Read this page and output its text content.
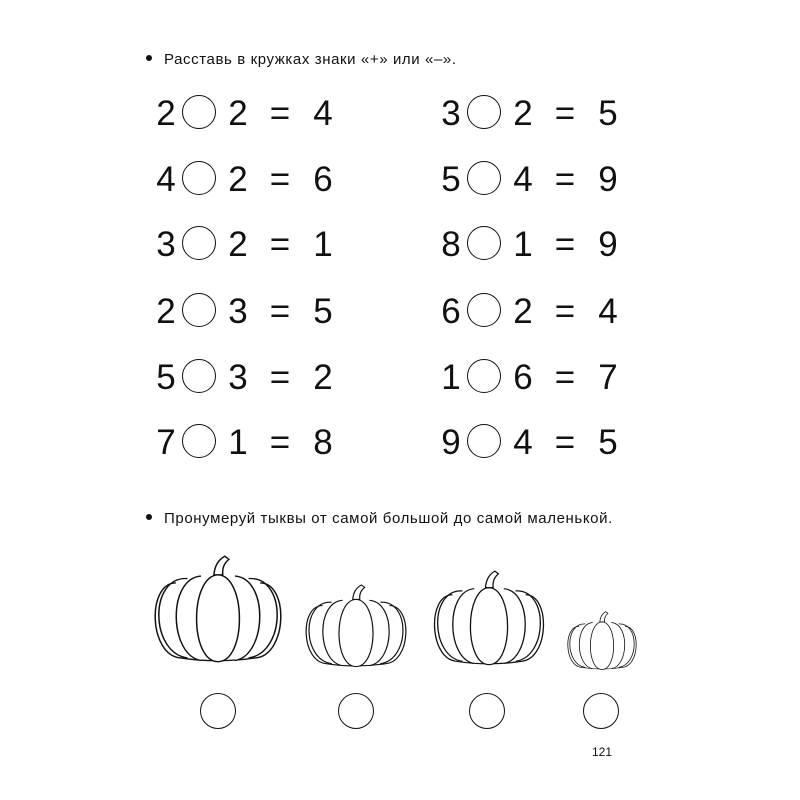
Расставь в кружках знаки «+» или «–».
2 2 = 4
4 2 = 6
3 2 = 1
2 3 = 5
5 3 = 2
7 1 = 8
3 2 = 5
5 4 = 9
8 1 = 9
6 2 = 4
1 6 = 7
9 4 = 5
Пронумеруй тыквы от самой большой до самой маленькой.
121
